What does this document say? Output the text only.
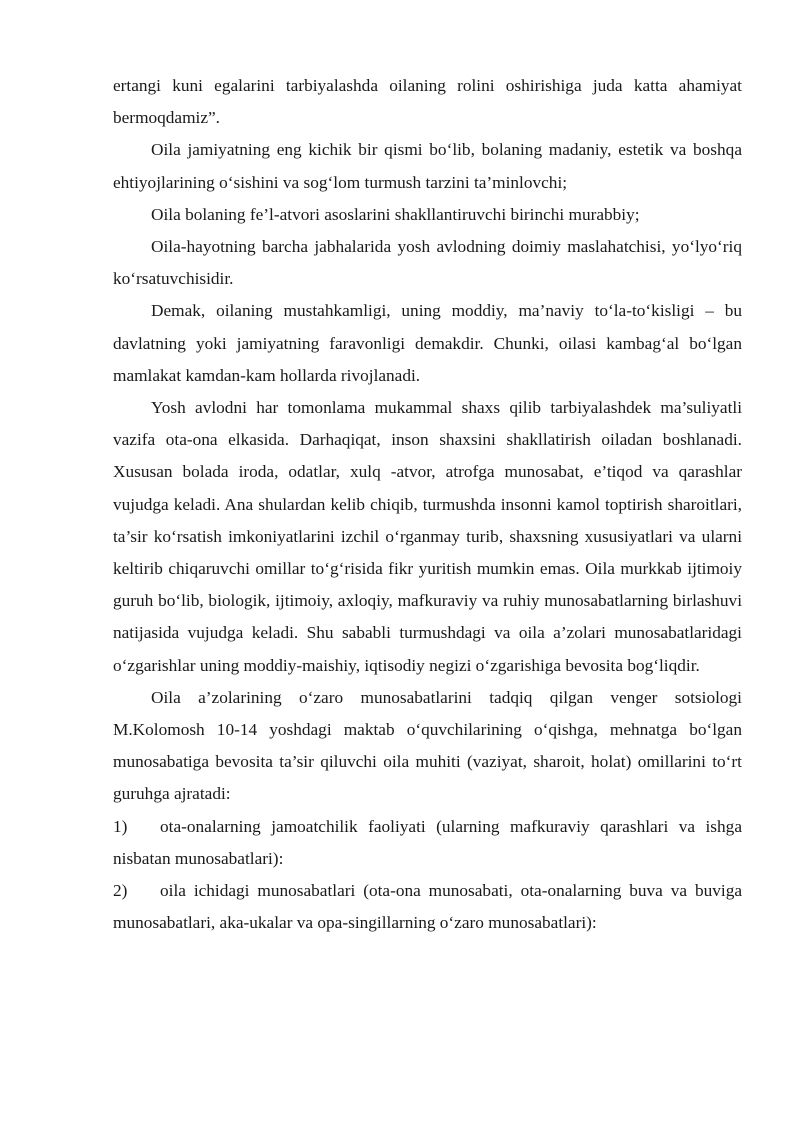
ertangi kuni egalarini tarbiyalashda oilaning rolini oshirishiga juda katta ahamiyat bermoqdamiz”.

Oila jamiyatning eng kichik bir qismi bo‘lib, bolaning madaniy, estetik va boshqa ehtiyojlarining o‘sishini va sog‘lom turmush tarzini ta’minlovchi;

Oila bolaning fe’l-atvori asoslarini shakllantiruvchi birinchi murabbiy;

Oila-hayotning barcha jabhalarida yosh avlodning doimiy maslahatchisi, yo‘lyo‘riq ko‘rsatuvchisidir.

Demak, oilaning mustahkamligi, uning moddiy, ma’naviy to‘la-to‘kisligi – bu davlatning yoki jamiyatning faravonligi demakdir. Chunki, oilasi kambag‘al bo‘lgan mamlakat kamdan-kam hollarda rivojlanadi.

Yosh avlodni har tomonlama mukammal shaxs qilib tarbiyalashdek ma’suliyatli vazifa ota-ona elkasida. Darhaqiqat, inson shaxsini shakllatirish oiladan boshlanadi. Xususan bolada iroda, odatlar, xulq -atvor, atrofga munosabat, e’tiqod va qarashlar vujudga keladi. Ana shulardan kelib chiqib, turmushda insonni kamol toptirish sharoitlari, ta’sir ko‘rsatish imkoniyatlarini izchil o‘rganmay turib, shaxsning xususiyatlari va ularni keltirib chiqaruvchi omillar to‘g‘risida fikr yuritish mumkin emas. Oila murkkab ijtimoiy guruh bo‘lib, biologik, ijtimoiy, axloqiy, mafkuraviy va ruhiy munosabatlarning birlashuvi natijasida vujudga keladi. Shu sababli turmushdagi va oila a’zolari munosabatlaridagi o‘zgarishlar uning moddiy-maishiy, iqtisodiy negizi o‘zgarishiga bevosita bog‘liqdir.

Oila a’zolarining o‘zaro munosabatlarini tadqiq qilgan venger sotsiologi M.Kolomosh 10-14 yoshdagi maktab o‘quvchilarining o‘qishga, mehnatga bo‘lgan munosabatiga bevosita ta’sir qiluvchi oila muhiti (vaziyat, sharoit, holat) omillarini to‘rt guruhga ajratadi:

1) ota-onalarning jamoatchilik faoliyati (ularning mafkuraviy qarashlari va ishga nisbatan munosabatlari):

2) oila ichidagi munosabatlari (ota-ona munosabati, ota-onalarning buva va buviga munosabatlari, aka-ukalar va opa-singillarning o‘zaro munosabatlari):
